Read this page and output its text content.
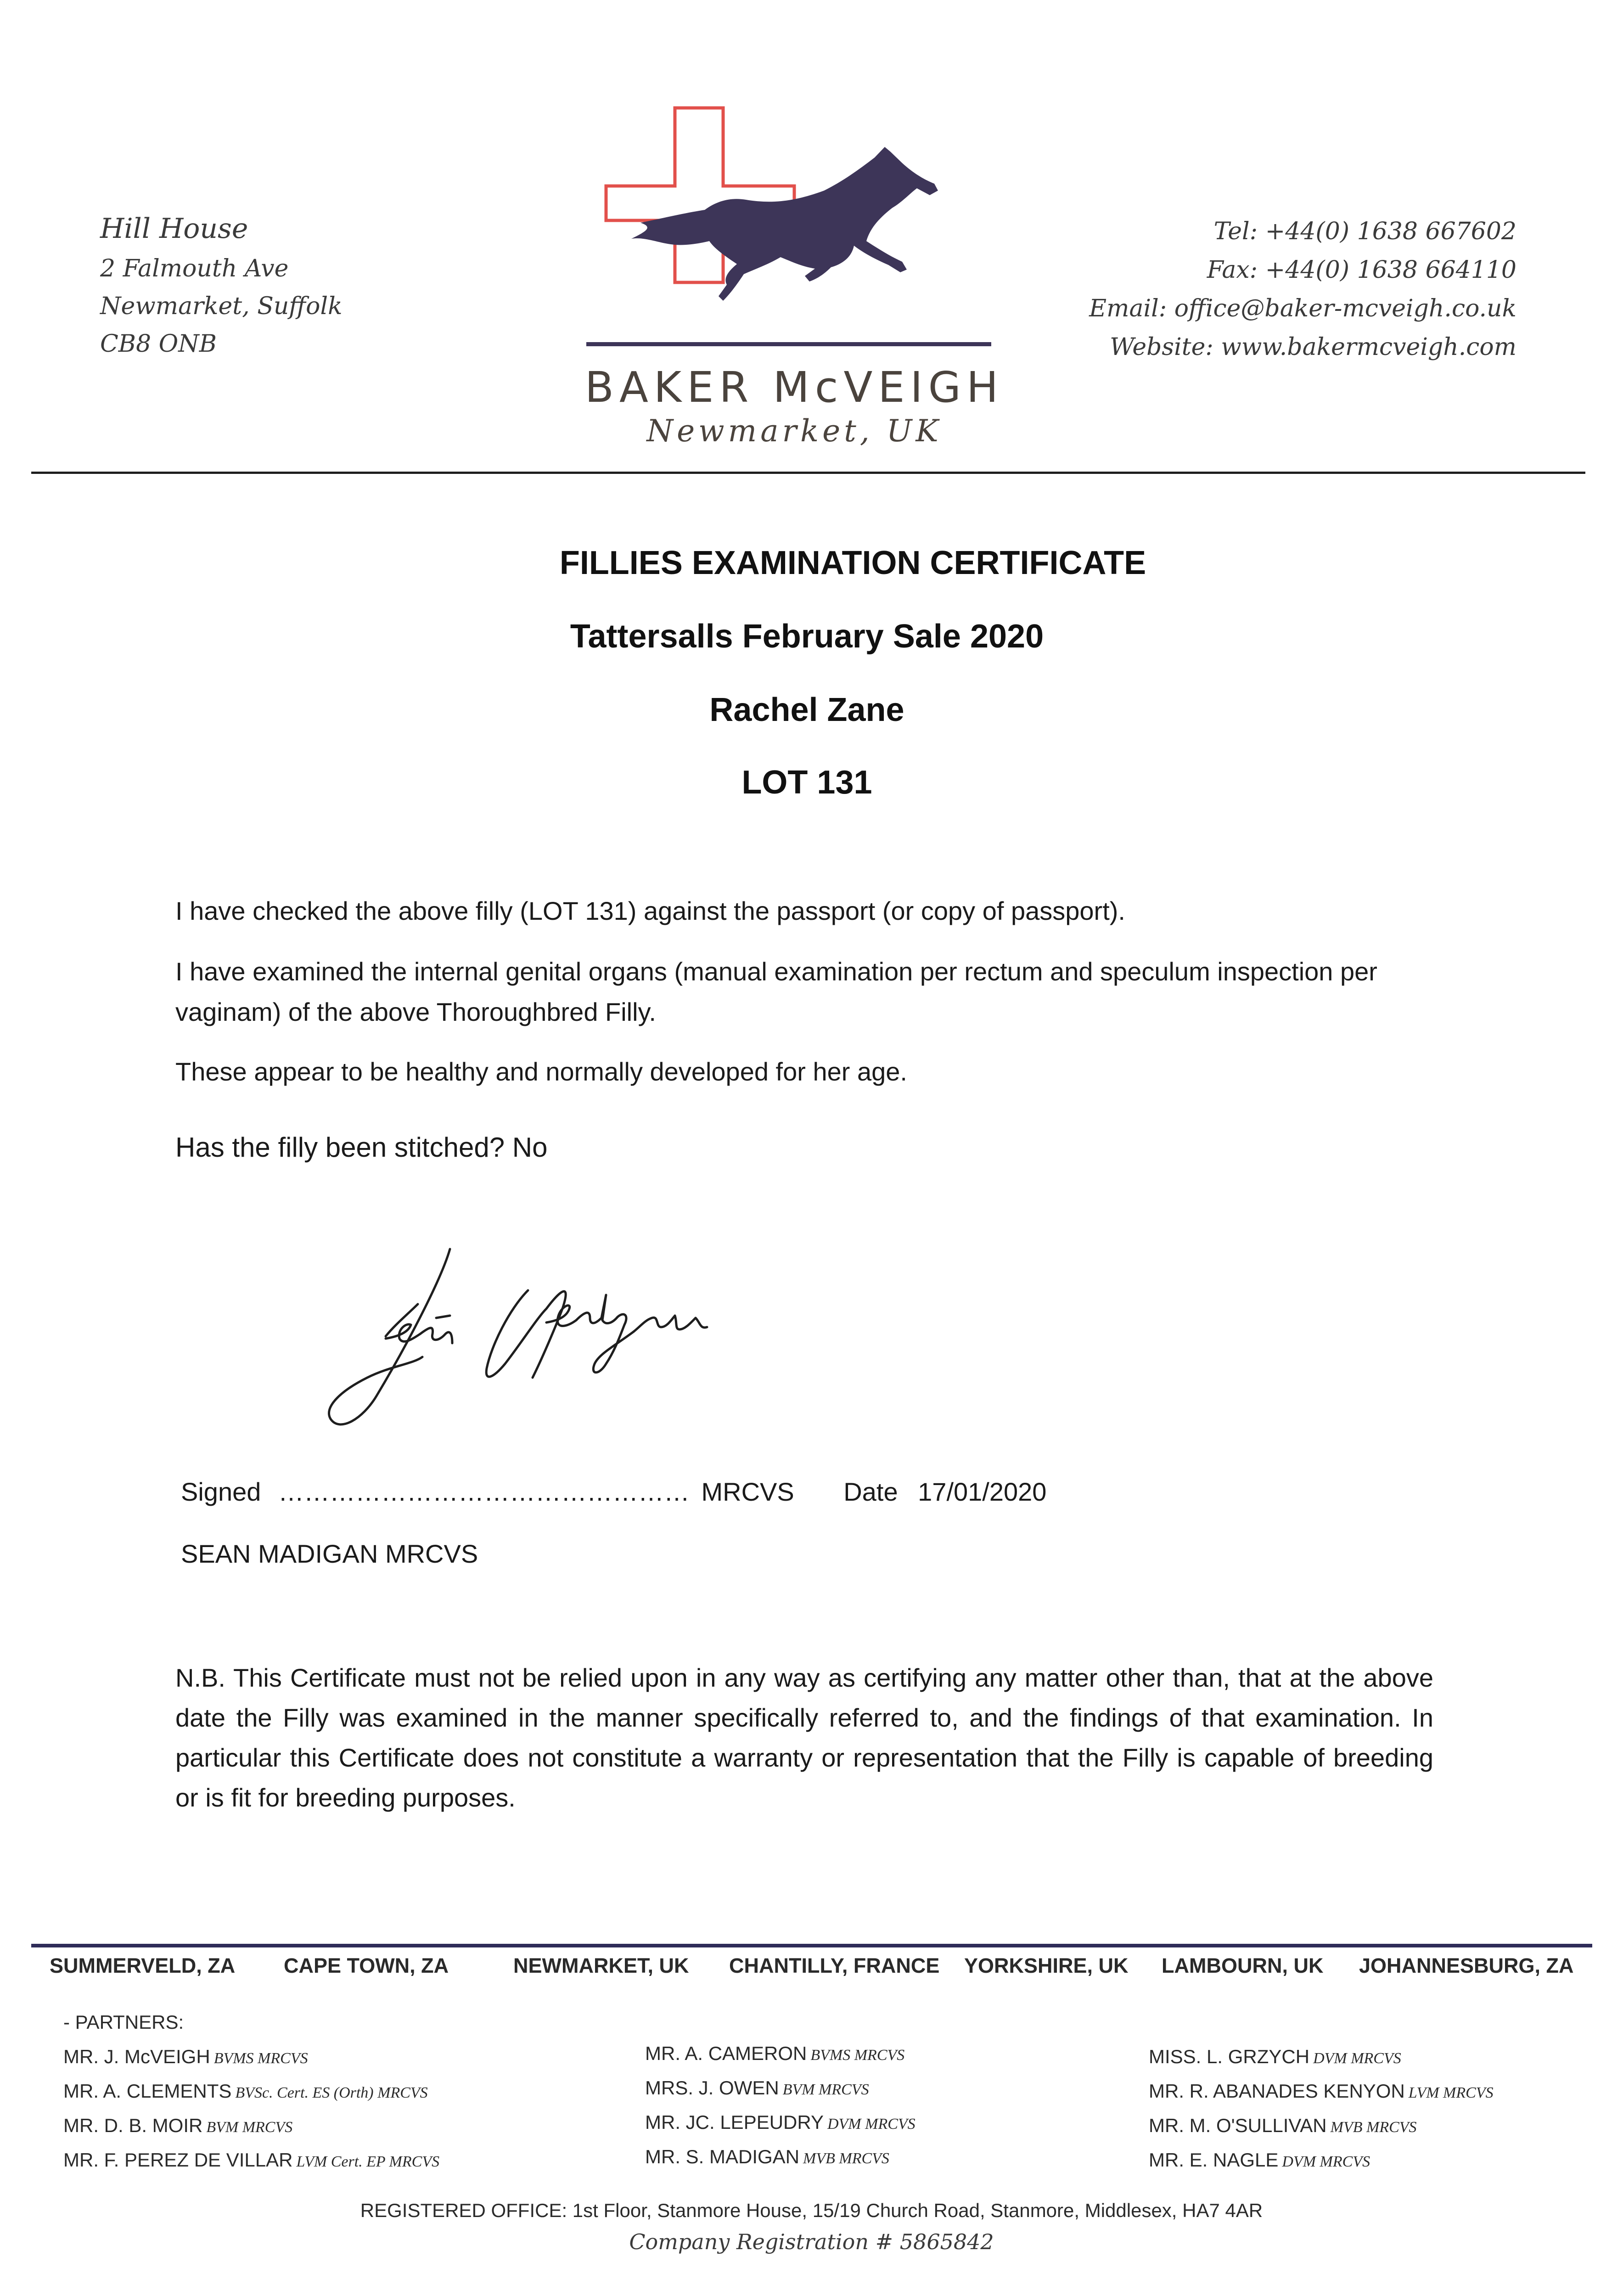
Hill House
2 Falmouth Ave
Newmarket, Suffolk
CB8 ONB
BAKER McVEIGH
Newmarket, UK
Tel: +44(0) 1638 667602
Fax: +44(0) 1638 664110
Email: office@baker-mcveigh.co.uk
Website: www.bakermcveigh.com
FILLIES EXAMINATION CERTIFICATE
Tattersalls February Sale 2020
Rachel Zane
LOT 131
I have checked the above filly (LOT 131) against the passport (or copy of passport).
I have examined the internal genital organs (manual examination per rectum and speculum inspection per vaginam) of the above Thoroughbred Filly.
These appear to be healthy and normally developed for her age.
Has the filly been stitched? No
Signed ………………………………………… MRCVS Date 17/01/2020
SEAN MADIGAN MRCVS
N.B. This Certificate must not be relied upon in any way as certifying any matter other than, that at the above date the Filly was examined in the manner specifically referred to, and the findings of that examination. In particular this Certificate does not constitute a warranty or representation that the Filly is capable of breeding or is fit for breeding purposes.
SUMMERVELD, ZA CAPE TOWN, ZA	NEWMARKET, UK CHANTILLY, FRANCE YORKSHIRE, UK LAMBOURN, UK JOHANNESBURG, ZA
- PARTNERS:
MR. J. McVEIGH BVMS MRCVS
MR. A. CLEMENTS BVSc. Cert. ES (Orth) MRCVS
MR. D. B. MOIR BVM MRCVS
MR. F. PEREZ DE VILLAR LVM Cert. EP MRCVS
MR. A. CAMERON BVMS MRCVS
MRS. J. OWEN BVM MRCVS
MR. JC. LEPEUDRY DVM MRCVS
MR. S. MADIGAN MVB MRCVS
MISS. L. GRZYCH DVM MRCVS
MR. R. ABANADES KENYON LVM MRCVS
MR. M. O'SULLIVAN MVB MRCVS
MR. E. NAGLE DVM MRCVS
REGISTERED OFFICE: 1st Floor, Stanmore House, 15/19 Church Road, Stanmore, Middlesex, HA7 4AR
Company Registration # 5865842
